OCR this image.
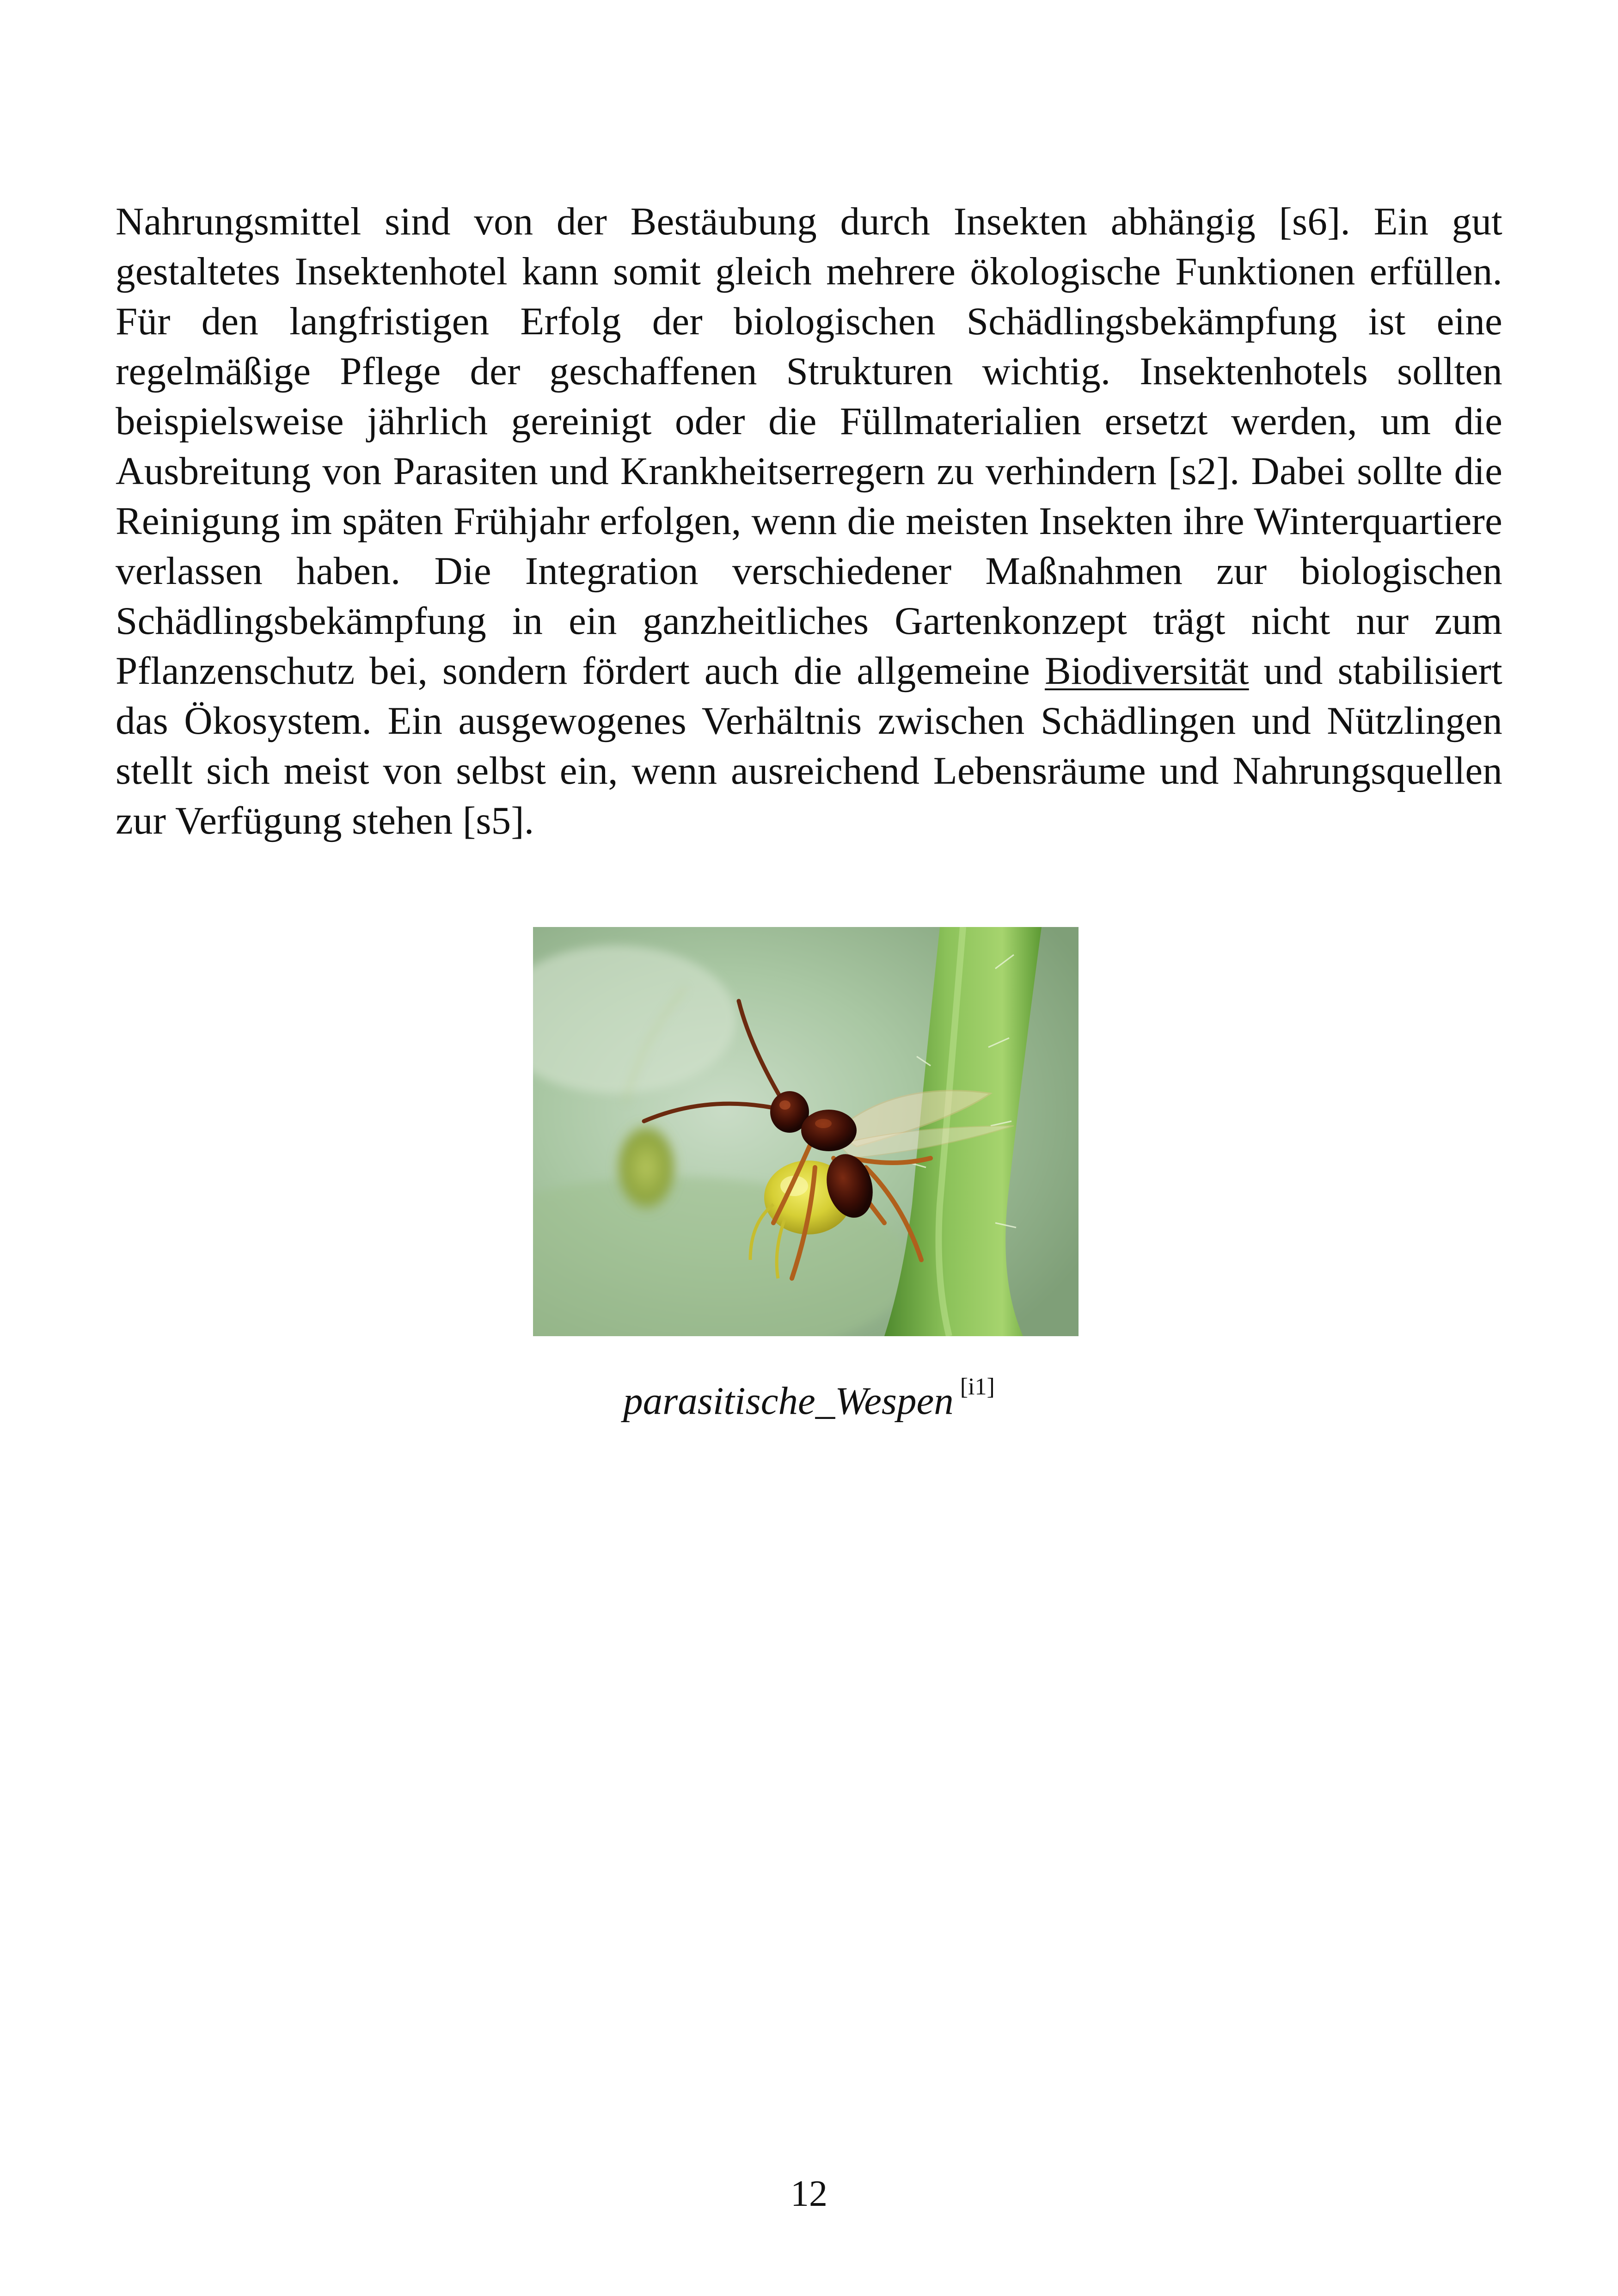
Nahrungsmittel sind von der Bestäubung durch Insekten abhängig [s6]. Ein gut gestaltetes Insektenhotel kann somit gleich mehrere ökologische Funktionen erfüllen. Für den langfristigen Erfolg der biologischen Schädlingsbekämpfung ist eine regelmäßige Pflege der geschaffenen Strukturen wichtig. Insektenhotels sollten beispielsweise jährlich gereinigt oder die Füllmaterialien ersetzt werden, um die Ausbreitung von Parasiten und Krankheitserregern zu verhindern [s2]. Dabei sollte die Reinigung im späten Frühjahr erfolgen, wenn die meisten Insekten ihre Winterquartiere verlassen haben. Die Integration verschiedener Maßnahmen zur biologischen Schädlingsbekämpfung in ein ganzheitliches Gartenkonzept trägt nicht nur zum Pflanzenschutz bei, sondern fördert auch die allgemeine Biodiversität und stabilisiert das Ökosystem. Ein ausgewogenes Verhältnis zwischen Schädlingen und Nützlingen stellt sich meist von selbst ein, wenn ausreichend Lebensräume und Nahrungsquellen zur Verfügung stehen [s5].

parasitische_Wespen [i1]
12
